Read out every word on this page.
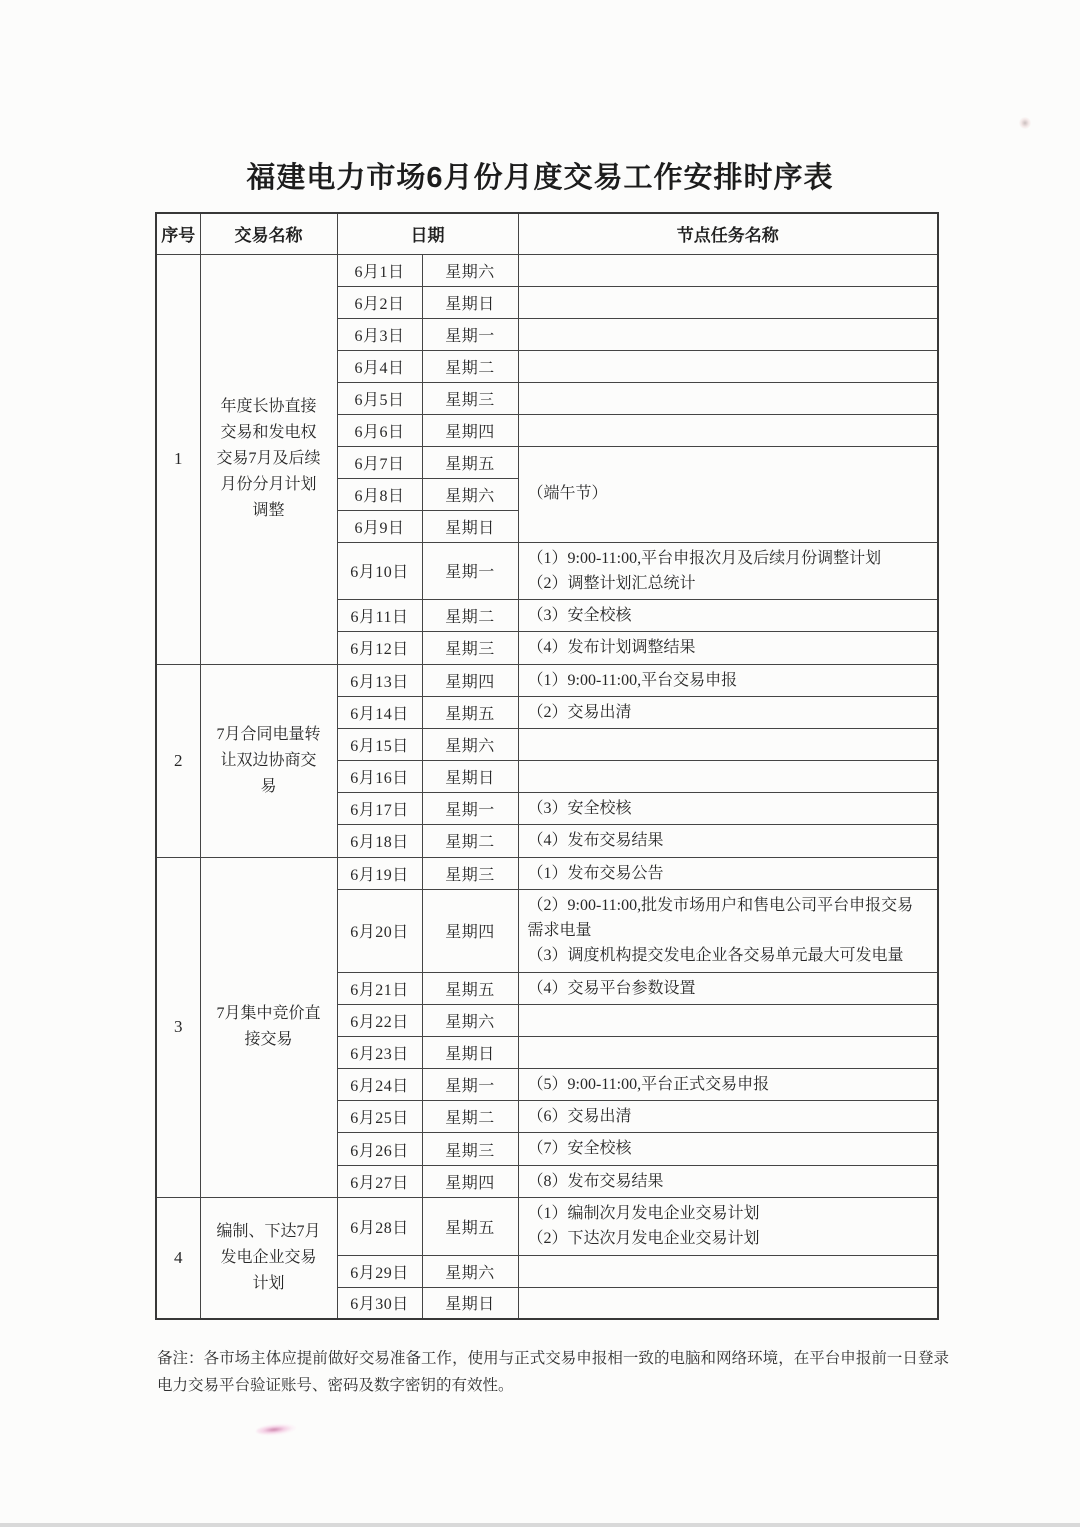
福建电力市场6月份月度交易工作安排时序表
序号	交易名称	日期		节点任务名称
1	年度长协直接交易和发电权交易7月及后续月份分月计划调整	6月1日	星期六	
		6月2日	星期日	
		6月3日	星期一	
		6月4日	星期二	
		6月5日	星期三	
		6月6日	星期四	
		6月7日	星期五	（端午节）

		6月8日	星期六	
		6月9日	星期日	
		6月10日	星期一	（1）9:00-11:00,平台申报次月及后续月份调整计划
（2）调整计划汇总统计

		6月11日	星期二	（3）安全校核

		6月12日	星期三	（4）发布计划调整结果

2	7月合同电量转让双边协商交易	6月13日	星期四	（1）9:00-11:00,平台交易申报

		6月14日	星期五	（2）交易出清

		6月15日	星期六	
		6月16日	星期日	
		6月17日	星期一	（3）安全校核

		6月18日	星期二	（4）发布交易结果

3	7月集中竞价直接交易	6月19日	星期三	（1）发布交易公告

		6月20日	星期四	（2）9:00-11:00,批发市场用户和售电公司平台申报交易需求电量
（3）调度机构提交发电企业各交易单元最大可发电量

		6月21日	星期五	（4）交易平台参数设置

		6月22日	星期六	
		6月23日	星期日	
		6月24日	星期一	（5）9:00-11:00,平台正式交易申报

		6月25日	星期二	（6）交易出清

		6月26日	星期三	（7）安全校核

		6月27日	星期四	（8）发布交易结果

4	编制、下达7月发电企业交易计划	6月28日	星期五	（1）编制次月发电企业交易计划
（2）下达次月发电企业交易计划

		6月29日	星期六	
		6月30日	星期日	

备注：各市场主体应提前做好交易准备工作，使用与正式交易申报相一致的电脑和网络环境，在平台申报前一日登录电力交易平台验证账号、密码及数字密钥的有效性。
